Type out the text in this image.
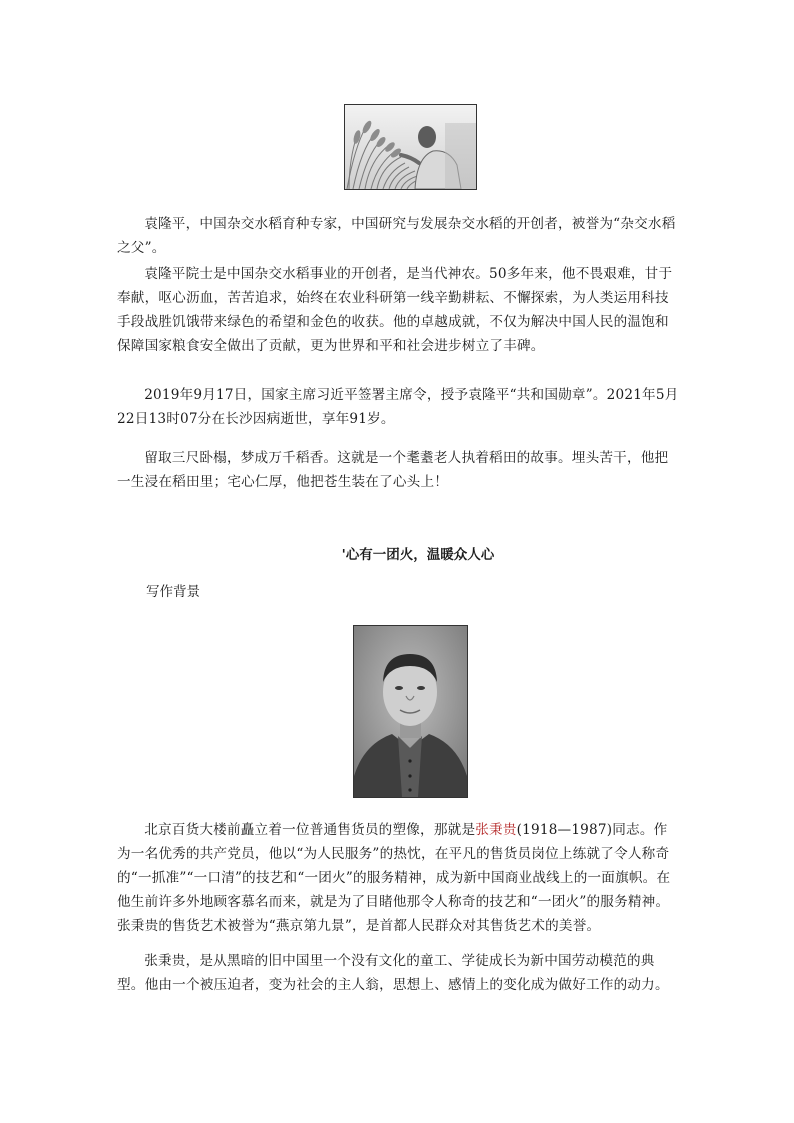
袁隆平，中国杂交水稻育种专家，中国研究与发展杂交水稻的开创者，被誉为“杂交水稻之父”。

袁隆平院士是中国杂交水稻事业的开创者，是当代神农。50多年来，他不畏艰难，甘于奉献，呕心沥血，苦苦追求，始终在农业科研第一线辛勤耕耘、不懈探索，为人类运用科技手段战胜饥饿带来绿色的希望和金色的收获。他的卓越成就，不仅为解决中国人民的温饱和保障国家粮食安全做出了贡献，更为世界和平和社会进步树立了丰碑。

2019年9月17日，国家主席习近平签署主席令，授予袁隆平“共和国勋章”。2021年5月22日13时07分在长沙因病逝世，享年91岁。

留取三尺卧榻，梦成万千稻香。这就是一个耄耋老人执着稻田的故事。埋头苦干，他把一生浸在稻田里；宅心仁厚，他把苍生装在了心头上！

'心有一团火，温暖众人心

写作背景

北京百货大楼前矗立着一位普通售货员的塑像，那就是张秉贵(1918—1987)同志。作为一名优秀的共产党员，他以“为人民服务”的热忱，在平凡的售货员岗位上练就了令人称奇的“一抓准”“一口清”的技艺和“一团火”的服务精神，成为新中国商业战线上的一面旗帜。在他生前许多外地顾客慕名而来，就是为了目睹他那令人称奇的技艺和“一团火”的服务精神。张秉贵的售货艺术被誉为“燕京第九景”，是首都人民群众对其售货艺术的美誉。

张秉贵，是从黑暗的旧中国里一个没有文化的童工、学徒成长为新中国劳动模范的典型。他由一个被压迫者，变为社会的主人翁，思想上、感情上的变化成为做好工作的动力。
